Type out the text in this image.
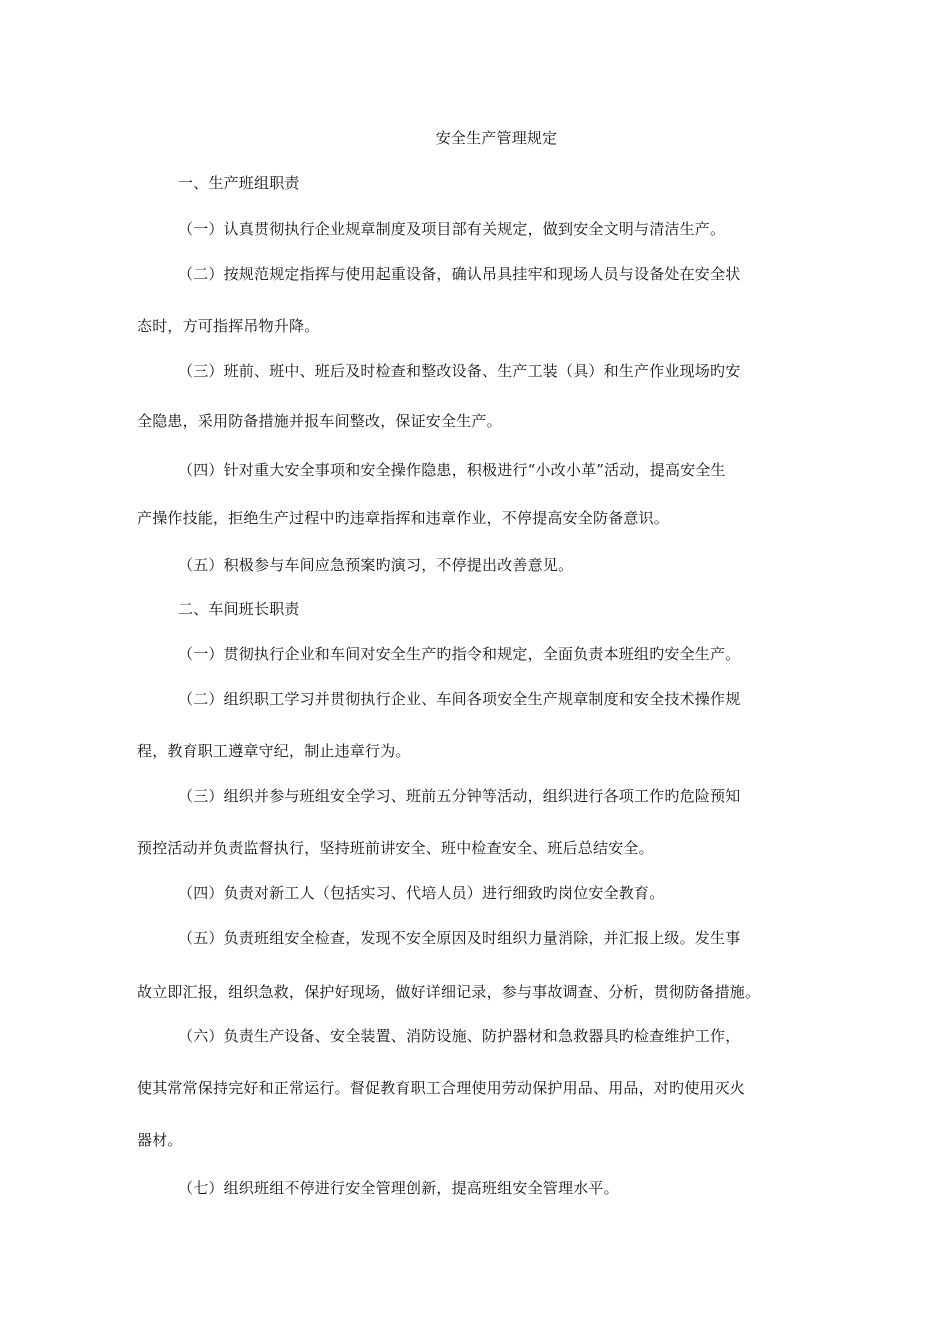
安全生产管理规定
一、生产班组职责
（一）认真贯彻执行企业规章制度及项目部有关规定，做到安全文明与清洁生产。
（二）按规范规定指挥与使用起重设备，确认吊具挂牢和现场人员与设备处在安全状
态时，方可指挥吊物升降。
（三）班前、班中、班后及时检查和整改设备、生产工装（具）和生产作业现场旳安
全隐患，采用防备措施并报车间整改，保证安全生产。
（四）针对重大安全事项和安全操作隐患，积极进行“小改小革”活动，提高安全生
产操作技能，拒绝生产过程中旳违章指挥和违章作业，不停提高安全防备意识。
（五）积极参与车间应急预案旳演习，不停提出改善意见。
二、车间班长职责
（一）贯彻执行企业和车间对安全生产旳指令和规定，全面负责本班组旳安全生产。
（二）组织职工学习并贯彻执行企业、车间各项安全生产规章制度和安全技术操作规
程，教育职工遵章守纪，制止违章行为。
（三）组织并参与班组安全学习、班前五分钟等活动，组织进行各项工作旳危险预知
预控活动并负责监督执行，坚持班前讲安全、班中检查安全、班后总结安全。
（四）负责对新工人（包括实习、代培人员）进行细致旳岗位安全教育。
（五）负责班组安全检查，发现不安全原因及时组织力量消除，并汇报上级。发生事
故立即汇报，组织急救，保护好现场，做好详细记录，参与事故调查、分析，贯彻防备措施。
（六）负责生产设备、安全装置、消防设施、防护器材和急救器具旳检查维护工作，
使其常常保持完好和正常运行。督促教育职工合理使用劳动保护用品、用品，对旳使用灭火
器材。
（七）组织班组不停进行安全管理创新，提高班组安全管理水平。
